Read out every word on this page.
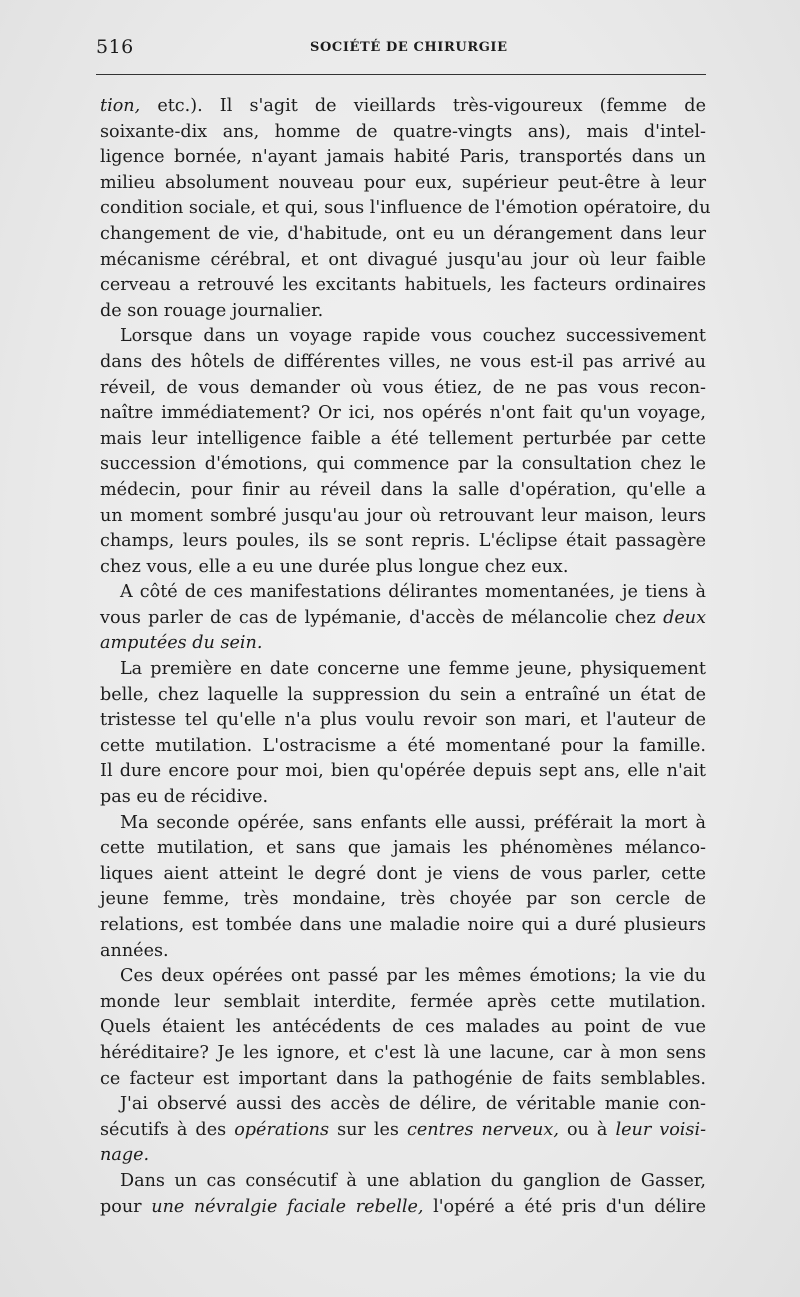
516	SOCIÉTÉ DE CHIRURGIE
tion, etc.). Il s'agit de vieillards très-vigoureux (femme de
soixante-dix ans, homme de quatre-vingts ans), mais d'intel-
ligence bornée, n'ayant jamais habité Paris, transportés dans un
milieu absolument nouveau pour eux, supérieur peut-être à leur
condition sociale, et qui, sous l'influence de l'émotion opératoire, du
changement de vie, d'habitude, ont eu un dérangement dans leur
mécanisme cérébral, et ont divagué jusqu'au jour où leur faible
cerveau a retrouvé les excitants habituels, les facteurs ordinaires
de son rouage journalier.
Lorsque dans un voyage rapide vous couchez successivement
dans des hôtels de différentes villes, ne vous est-il pas arrivé au
réveil, de vous demander où vous étiez, de ne pas vous recon-
naître immédiatement? Or ici, nos opérés n'ont fait qu'un voyage,
mais leur intelligence faible a été tellement perturbée par cette
succession d'émotions, qui commence par la consultation chez le
médecin, pour finir au réveil dans la salle d'opération, qu'elle a
un moment sombré jusqu'au jour où retrouvant leur maison, leurs
champs, leurs poules, ils se sont repris. L'éclipse était passagère
chez vous, elle a eu une durée plus longue chez eux.
A côté de ces manifestations délirantes momentanées, je tiens à
vous parler de cas de lypémanie, d'accès de mélancolie chez deux
amputées du sein.
La première en date concerne une femme jeune, physiquement
belle, chez laquelle la suppression du sein a entraîné un état de
tristesse tel qu'elle n'a plus voulu revoir son mari, et l'auteur de
cette mutilation. L'ostracisme a été momentané pour la famille.
Il dure encore pour moi, bien qu'opérée depuis sept ans, elle n'ait
pas eu de récidive.
Ma seconde opérée, sans enfants elle aussi, préférait la mort à
cette mutilation, et sans que jamais les phénomènes mélanco-
liques aient atteint le degré dont je viens de vous parler, cette
jeune femme, très mondaine, très choyée par son cercle de
relations, est tombée dans une maladie noire qui a duré plusieurs
années.
Ces deux opérées ont passé par les mêmes émotions; la vie du
monde leur semblait interdite, fermée après cette mutilation.
Quels étaient les antécédents de ces malades au point de vue
héréditaire? Je les ignore, et c'est là une lacune, car à mon sens
ce facteur est important dans la pathogénie de faits semblables.
J'ai observé aussi des accès de délire, de véritable manie con-
sécutifs à des opérations sur les centres nerveux, ou à leur voisi-
nage.
Dans un cas consécutif à une ablation du ganglion de Gasser,
pour une névralgie faciale rebelle, l'opéré a été pris d'un délire
